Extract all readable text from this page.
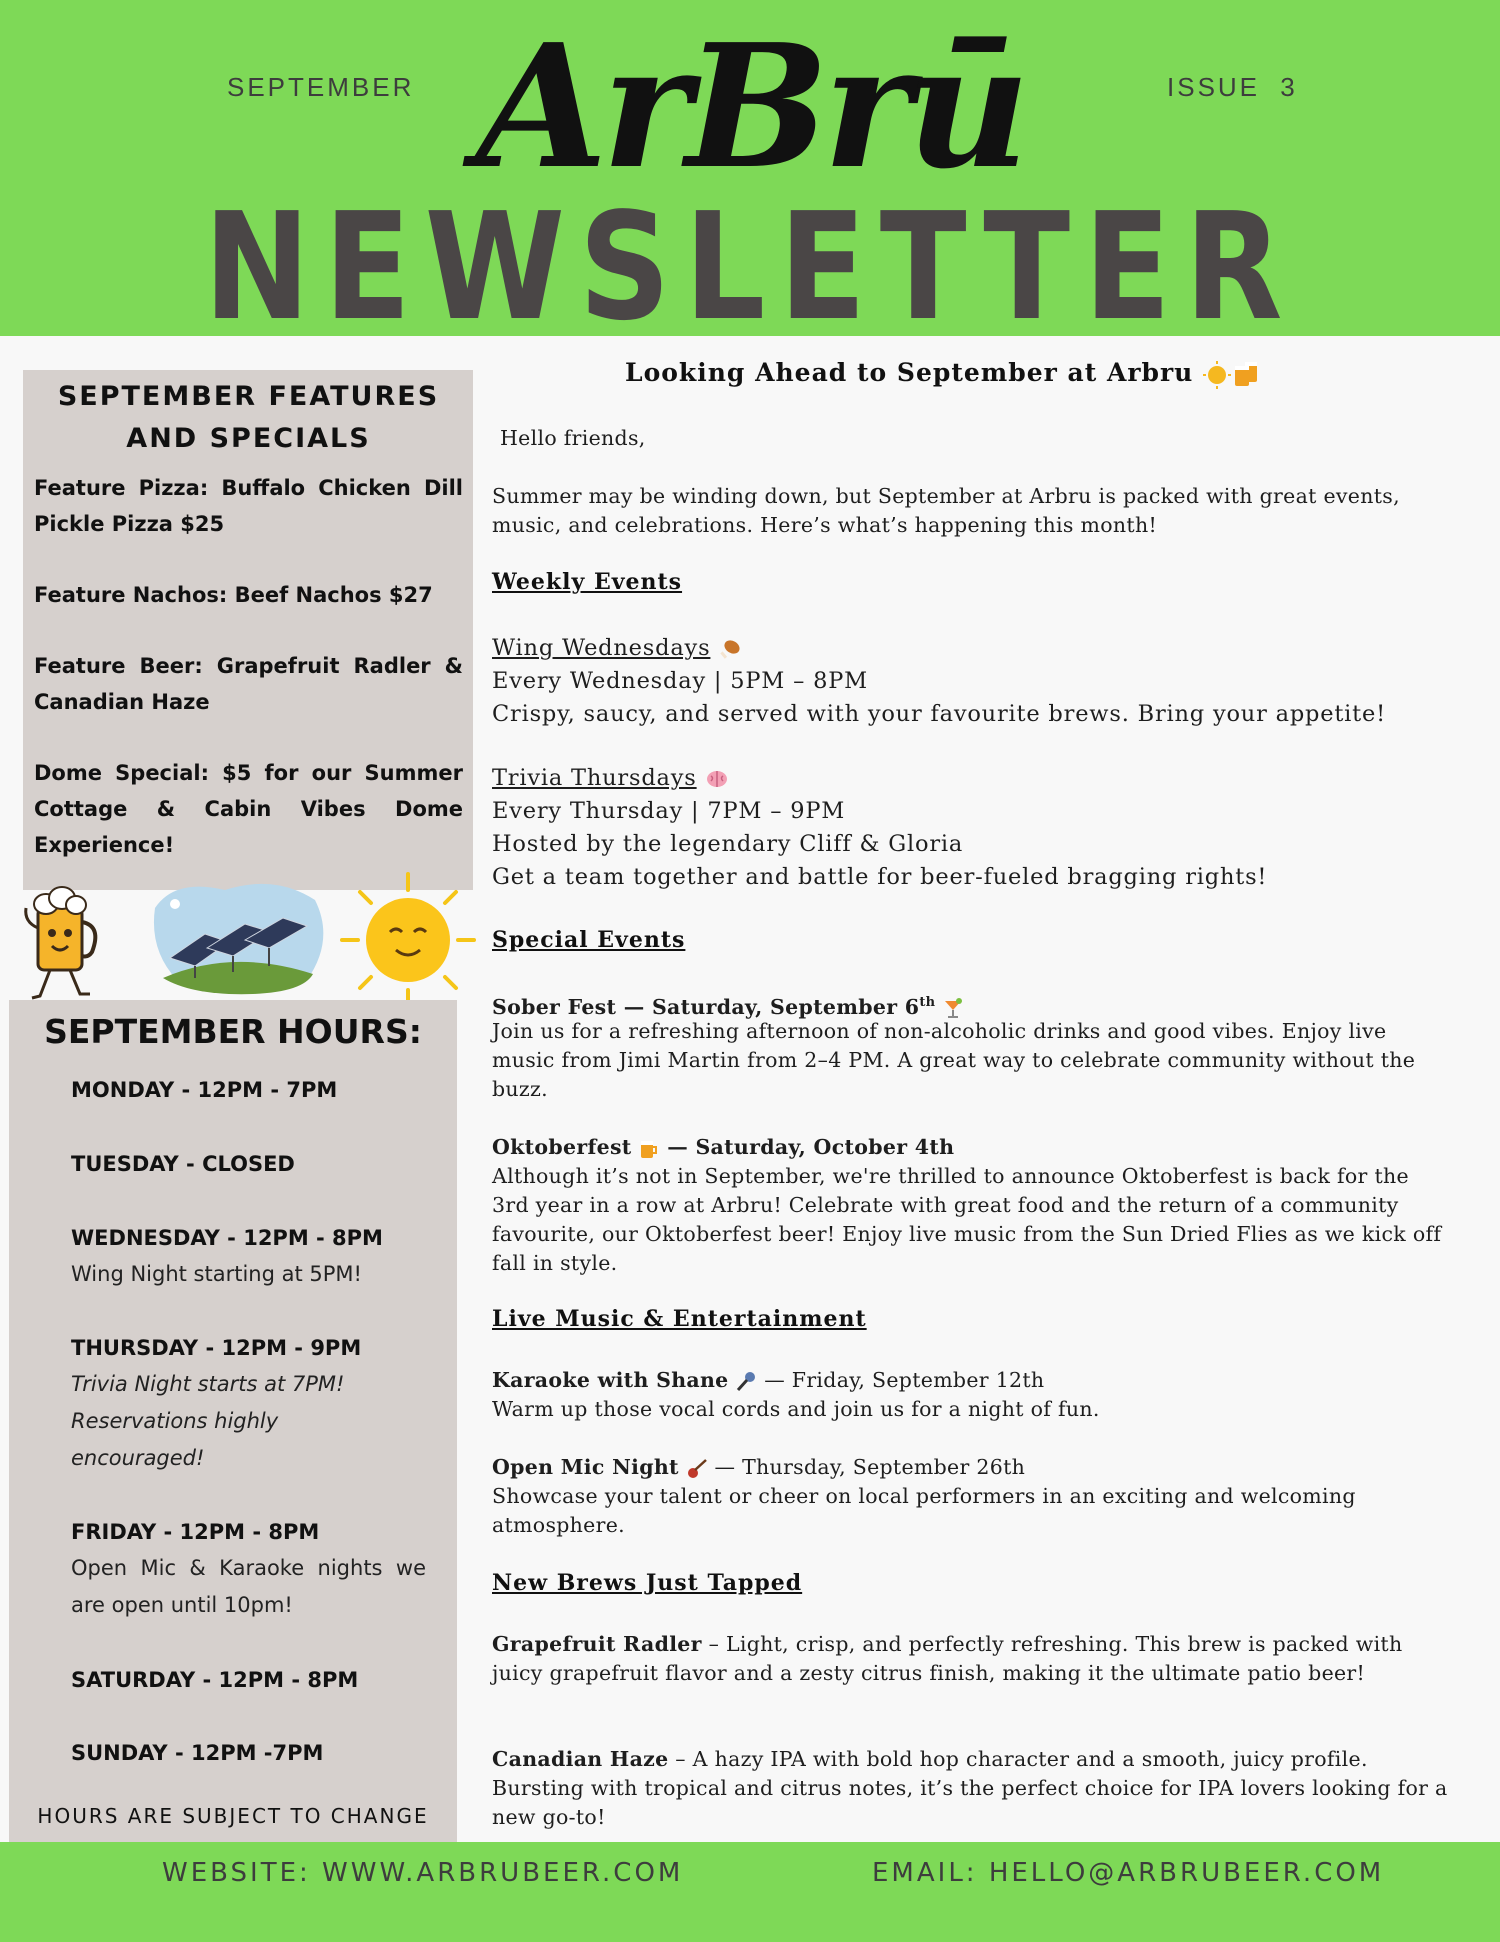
SEPTEMBER ArBrū	ISSUE 3
NEWSLETTER
SEPTEMBER FEATURES AND SPECIALS
Feature Pizza: Buffalo Chicken Dill Pickle Pizza $25
Feature Nachos: Beef Nachos $27
Feature Beer: Grapefruit Radler & Canadian Haze
Dome Special: $5 for our Summer Cottage & Cabin Vibes Dome Experience!
SEPTEMBER HOURS:
MONDAY - 12PM - 7PM
TUESDAY - CLOSED
WEDNESDAY - 12PM - 8PM
Wing Night starting at 5PM!
THURSDAY - 12PM - 9PM
Trivia Night starts at 7PM! Reservations highly encouraged!
FRIDAY - 12PM - 8PM
Open Mic & Karaoke nights we are open until 10pm!
SATURDAY - 12PM - 8PM
SUNDAY - 12PM -7PM
HOURS ARE SUBJECT TO CHANGE
Looking Ahead to September at Arbru
Hello friends,
Summer may be winding down, but September at Arbru is packed with great events, music, and celebrations. Here’s what’s happening this month!
Weekly Events
Wing Wednesdays
Every Wednesday | 5PM – 8PM
Crispy, saucy, and served with your favourite brews. Bring your appetite!
Trivia Thursdays
Every Thursday | 7PM – 9PM
Hosted by the legendary Cliff & Gloria
Get a team together and battle for beer-fueled bragging rights!
Special Events
Sober Fest — Saturday, September 6th
Join us for a refreshing afternoon of non-alcoholic drinks and good vibes. Enjoy live music from Jimi Martin from 2–4 PM. A great way to celebrate community without the buzz.
Oktoberfest — Saturday, October 4th
Although it’s not in September, we're thrilled to announce Oktoberfest is back for the 3rd year in a row at Arbru! Celebrate with great food and the return of a community favourite, our Oktoberfest beer! Enjoy live music from the Sun Dried Flies as we kick off fall in style.
Live Music & Entertainment
Karaoke with Shane — Friday, September 12th
Warm up those vocal cords and join us for a night of fun.
Open Mic Night — Thursday, September 26th
Showcase your talent or cheer on local performers in an exciting and welcoming atmosphere.
New Brews Just Tapped
Grapefruit Radler – Light, crisp, and perfectly refreshing. This brew is packed with juicy grapefruit flavor and a zesty citrus finish, making it the ultimate patio beer!
Canadian Haze – A hazy IPA with bold hop character and a smooth, juicy profile. Bursting with tropical and citrus notes, it’s the perfect choice for IPA lovers looking for a new go-to!
WEBSITE: WWW.ARBRUBEER.COM	EMAIL: HELLO@ARBRUBEER.COM
